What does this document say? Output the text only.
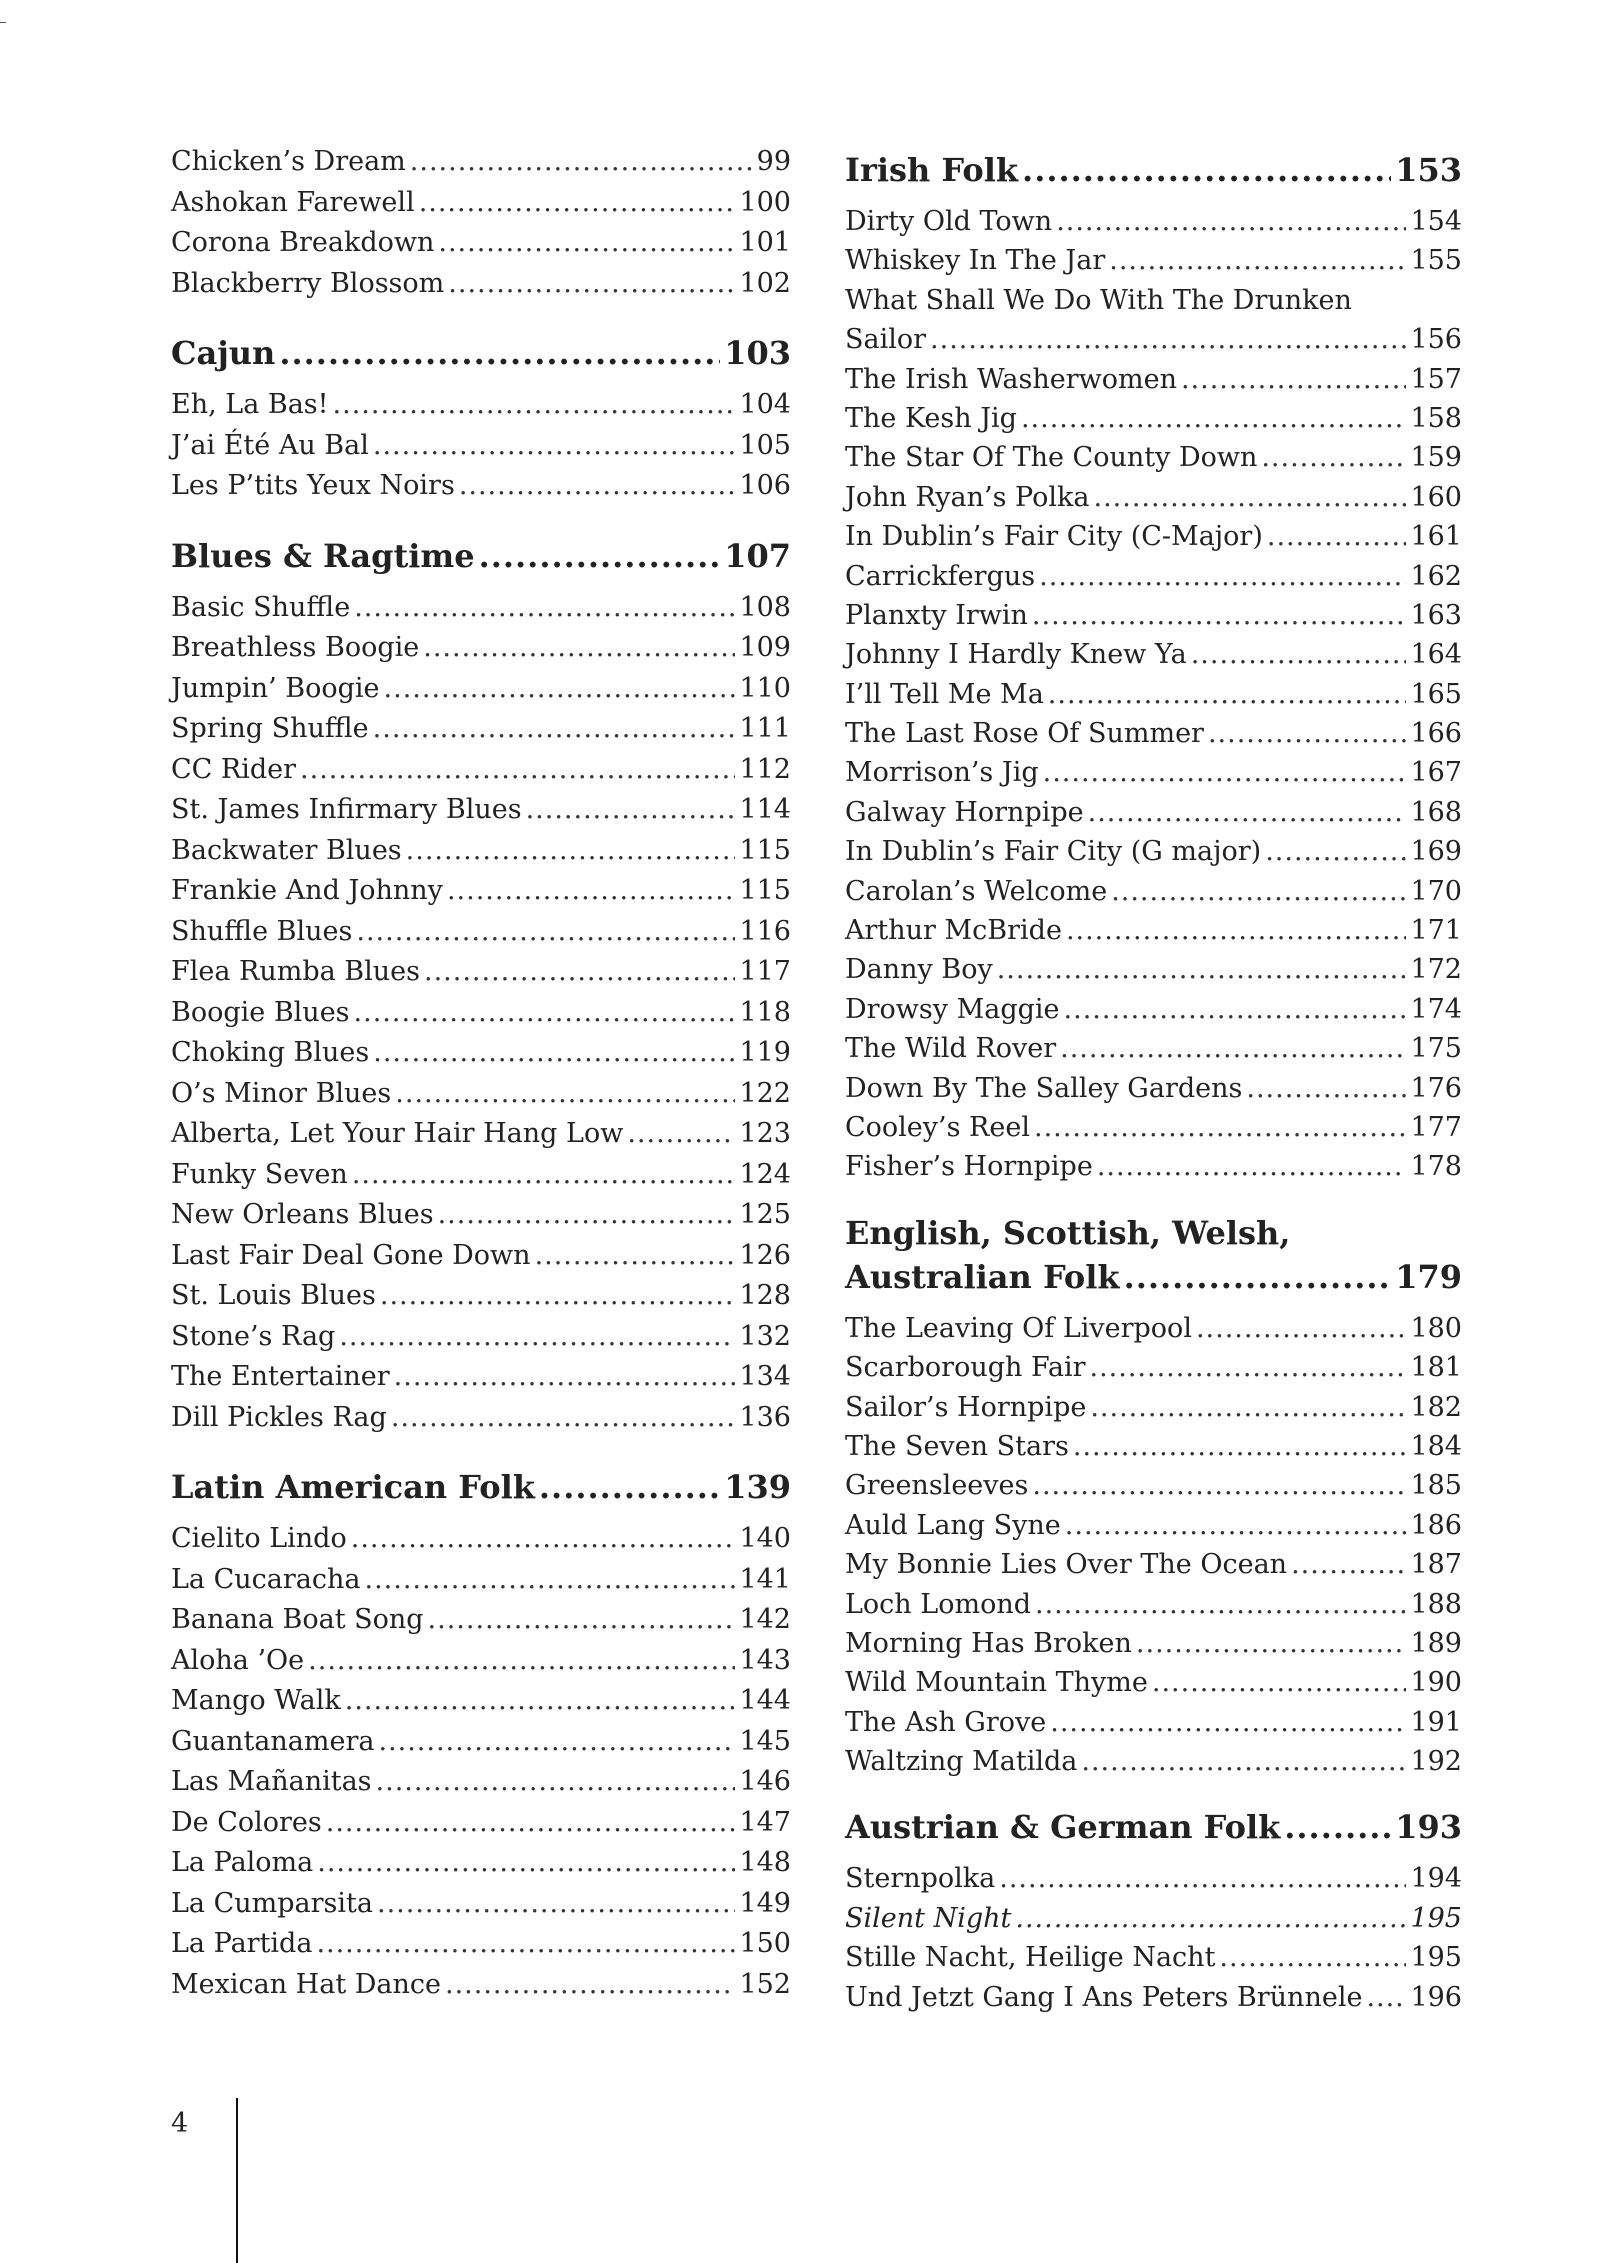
Chicken’s Dream .....	99
Ashokan Farewell .....	100
Corona Breakdown .....	101
Blackberry Blossom .....	102
Cajun .....	103
Eh, La Bas! .....	104
J’ai Été Au Bal .....	105
Les P’tits Yeux Noirs .....	106
Blues & Ragtime .....	107
Basic Shuffle .....	108
Breathless Boogie .....	109
Jumpin’ Boogie .....	110
Spring Shuffle .....	111
CC Rider .....	112
St. James Infirmary Blues .....	114
Backwater Blues .....	115
Frankie And Johnny .....	115
Shuffle Blues .....	116
Flea Rumba Blues .....	117
Boogie Blues .....	118
Choking Blues .....	119
O’s Minor Blues .....	122
Alberta, Let Your Hair Hang Low .....	123
Funky Seven .....	124
New Orleans Blues .....	125
Last Fair Deal Gone Down .....	126
St. Louis Blues .....	128
Stone’s Rag .....	132
The Entertainer .....	134
Dill Pickles Rag .....	136
Latin American Folk .....	139
Cielito Lindo .....	140
La Cucaracha .....	141
Banana Boat Song .....	142
Aloha ’Oe .....	143
Mango Walk .....	144
Guantanamera .....	145
Las Mañanitas .....	146
De Colores .....	147
La Paloma .....	148
La Cumparsita .....	149
La Partida .....	150
Mexican Hat Dance .....	152
Irish Folk .....	153
Dirty Old Town .....	154
Whiskey In The Jar .....	155
What Shall We Do With The Drunken
Sailor .....	156
The Irish Washerwomen .....	157
The Kesh Jig .....	158
The Star Of The County Down .....	159
John Ryan’s Polka .....	160
In Dublin’s Fair City (C-Major) .....	161
Carrickfergus .....	162
Planxty Irwin .....	163
Johnny I Hardly Knew Ya .....	164
I’ll Tell Me Ma .....	165
The Last Rose Of Summer .....	166
Morrison’s Jig .....	167
Galway Hornpipe .....	168
In Dublin’s Fair City (G major) .....	169
Carolan’s Welcome .....	170
Arthur McBride .....	171
Danny Boy .....	172
Drowsy Maggie .....	174
The Wild Rover .....	175
Down By The Salley Gardens .....	176
Cooley’s Reel .....	177
Fisher’s Hornpipe .....	178
English, Scottish, Welsh,
Australian Folk .....	179
The Leaving Of Liverpool .....	180
Scarborough Fair .....	181
Sailor’s Hornpipe .....	182
The Seven Stars .....	184
Greensleeves .....	185
Auld Lang Syne .....	186
My Bonnie Lies Over The Ocean .....	187
Loch Lomond .....	188
Morning Has Broken .....	189
Wild Mountain Thyme .....	190
The Ash Grove .....	191
Waltzing Matilda .....	192
Austrian & German Folk .....	193
Sternpolka .....	194
Silent Night .....	195
Stille Nacht, Heilige Nacht .....	195
Und Jetzt Gang I Ans Peters Brünnele ..... 196
4
